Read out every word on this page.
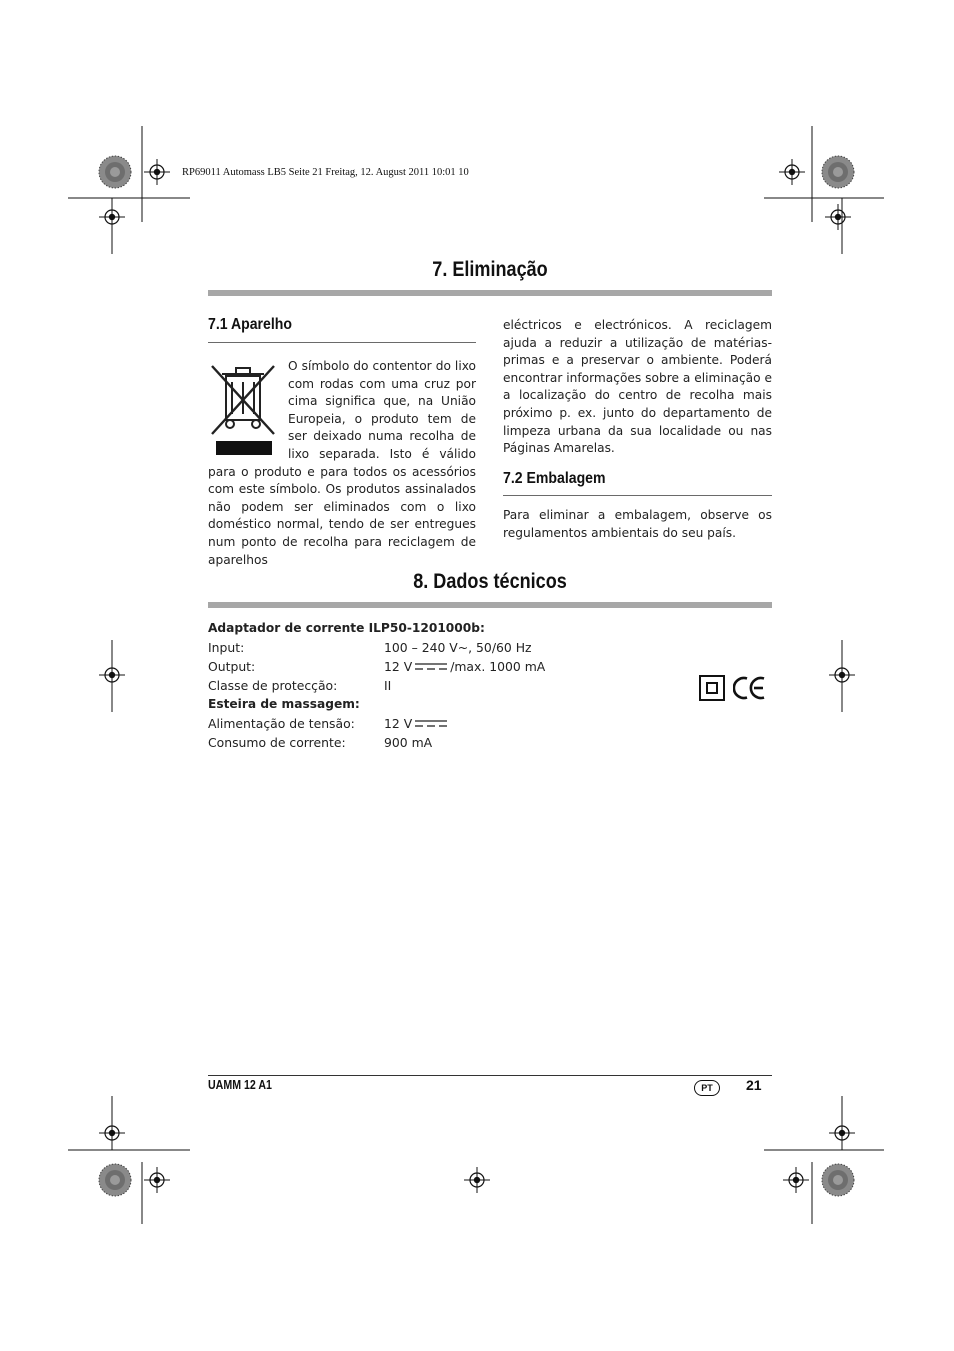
RP69011 Automass LB5 Seite 21 Freitag, 12. August 2011 10:01 10
7. Eliminação
7.1 Aparelho
O símbolo do contentor do lixo com rodas com uma cruz por cima significa que, na União Europeia, o produto tem de ser deixado numa recolha de lixo separada. Isto é válido para o produto e para todos os acessórios com este símbolo. Os produtos assinalados não podem ser eliminados com o lixo doméstico normal, tendo de ser entregues num ponto de recolha para reciclagem de aparelhos
eléctricos e electrónicos. A reciclagem ajuda a reduzir a utilização de matérias-primas e a preservar o ambiente. Poderá encontrar informações sobre a eliminação e a localização do centro de recolha mais próximo p. ex. junto do departamento de limpeza urbana da sua localidade ou nas Páginas Amarelas.
7.2 Embalagem
Para eliminar a embalagem, observe os regulamentos ambientais do seu país.
8. Dados técnicos
Adaptador de corrente ILP50-1201000b:
Input:	100 – 240 V~, 50/60 Hz
Output:	12 V	/max. 1000 mA
Classe de protecção:	II
Esteira de massagem:
Alimentação de tensão: 12 V
Consumo de corrente:	900 mA
UAMM 12 A1	PT	21
